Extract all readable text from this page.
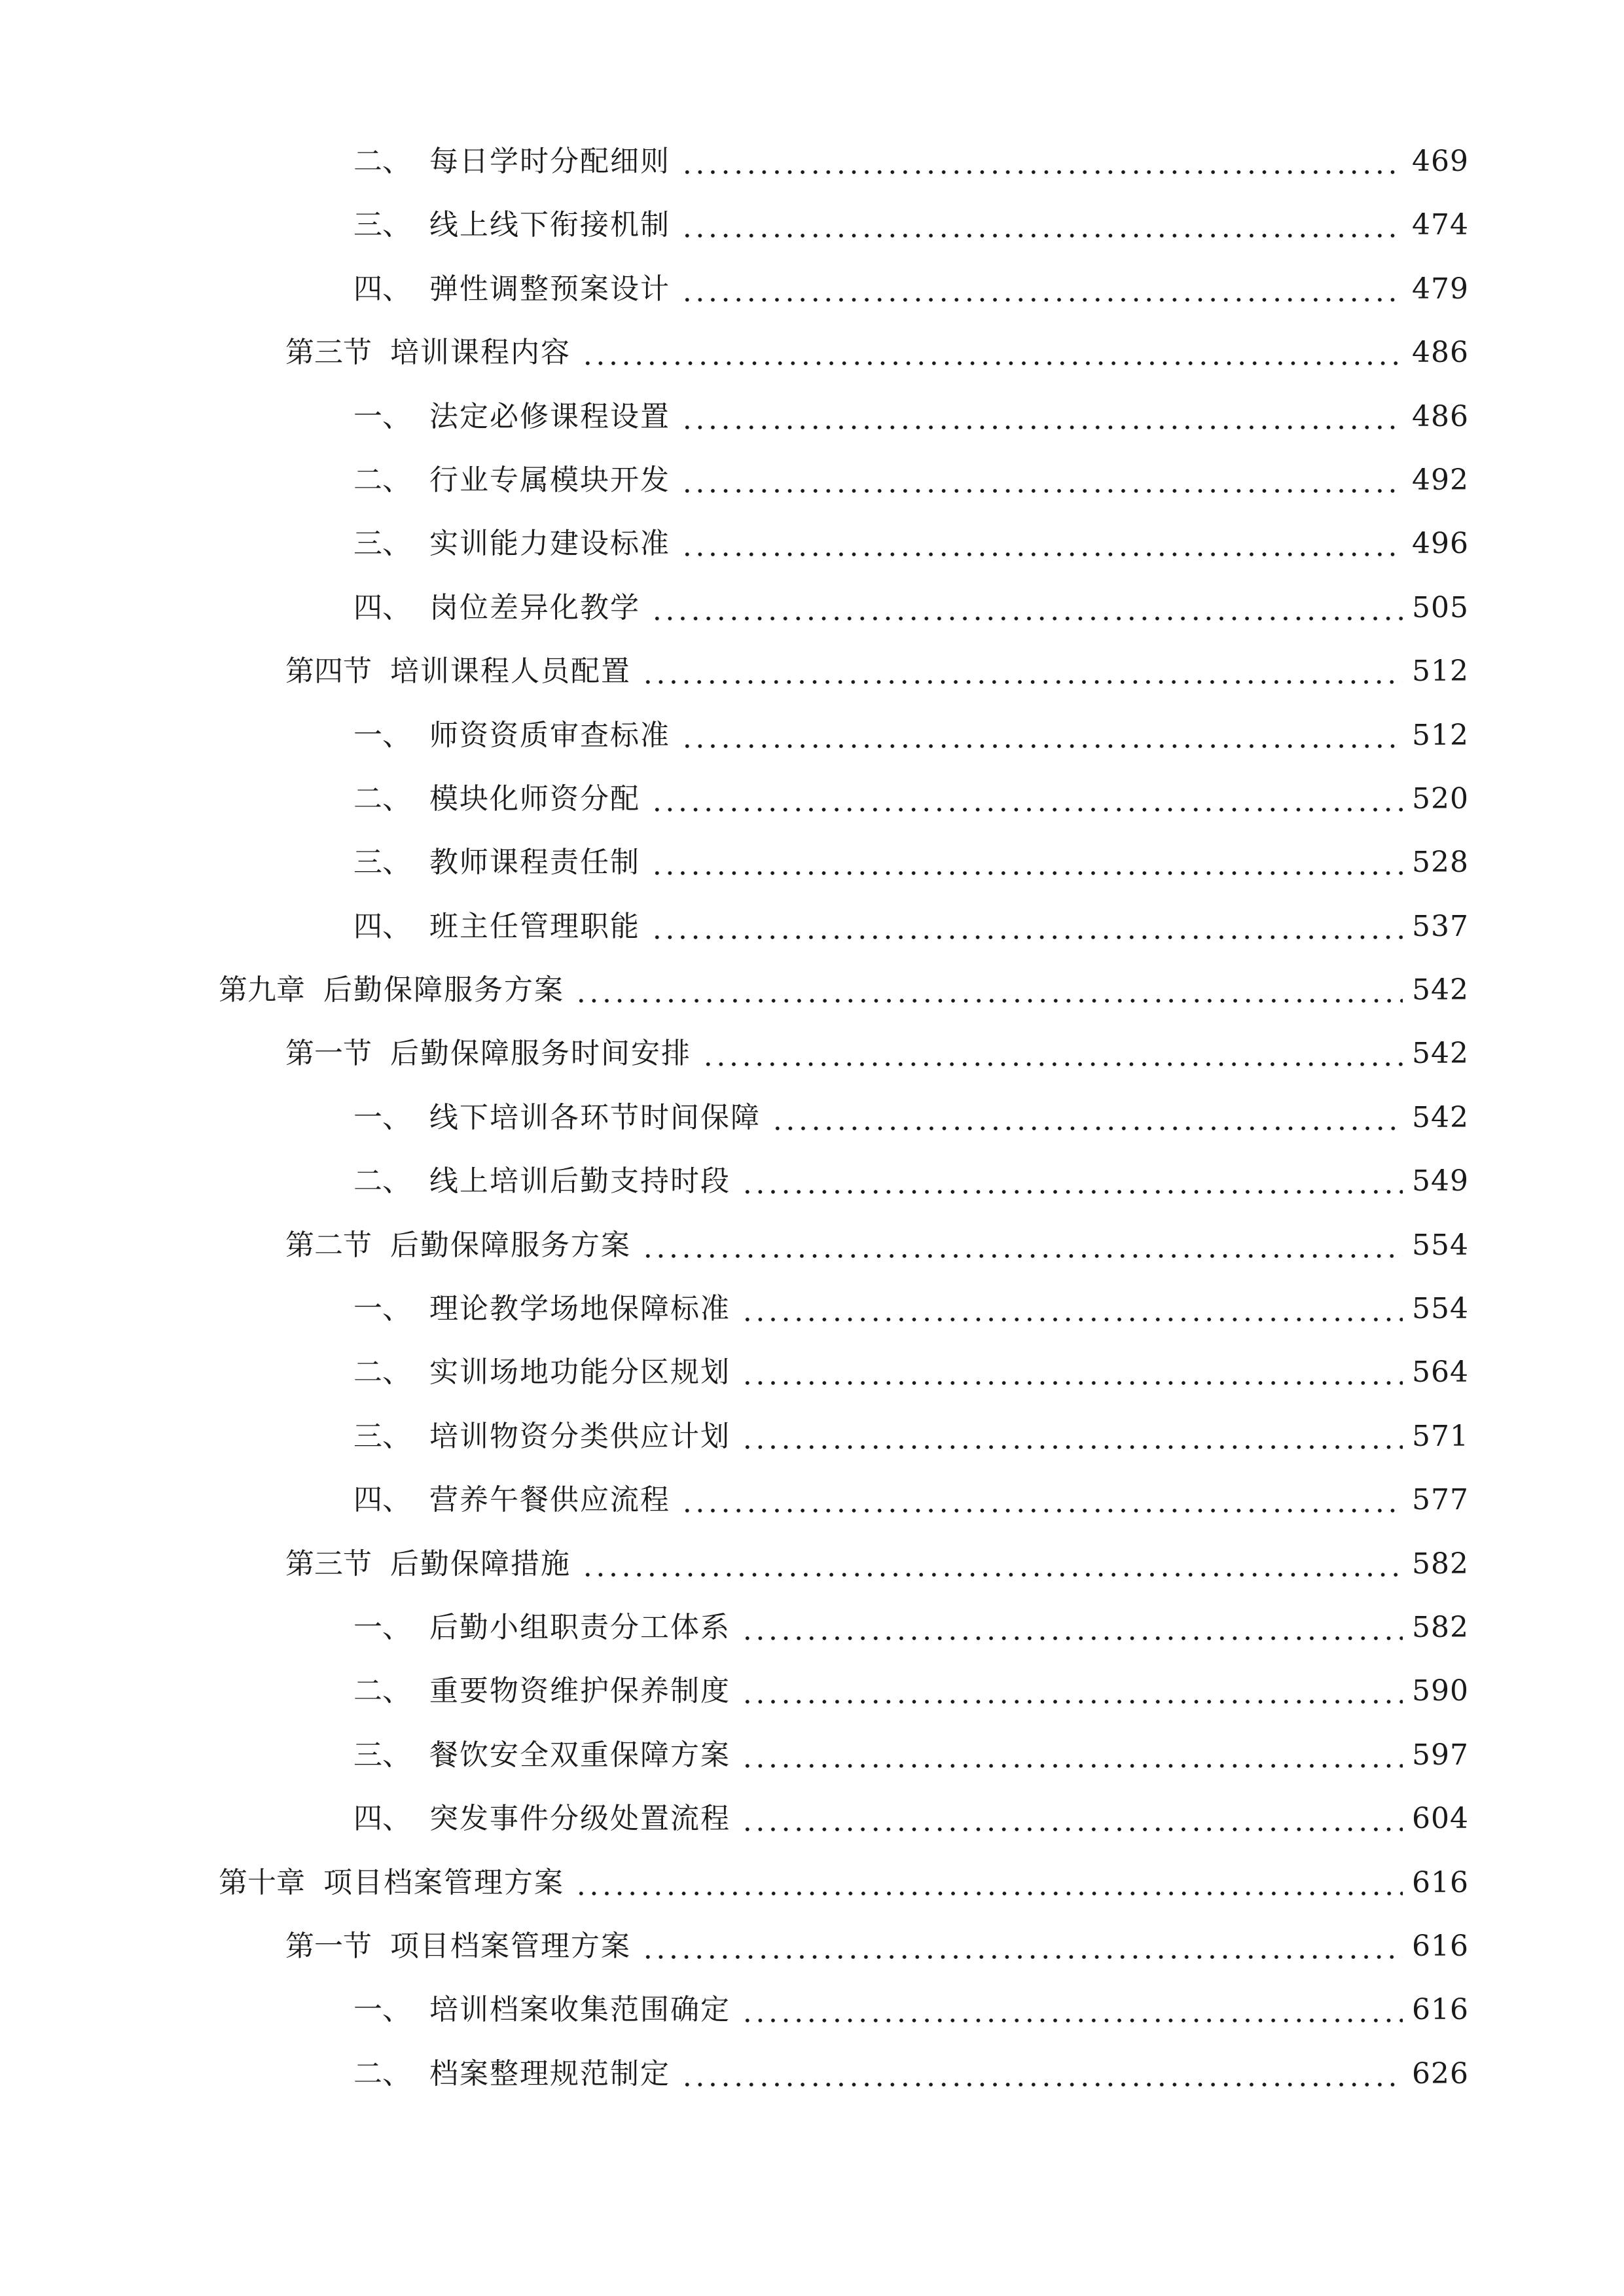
二、 每日学时分配细则	469
三、 线上线下衔接机制	474
四、 弹性调整预案设计	479
第三节 培训课程内容	486
一、 法定必修课程设置	486
二、 行业专属模块开发	492
三、 实训能力建设标准	496
四、 岗位差异化教学	505
第四节 培训课程人员配置	512
一、 师资资质审查标准	512
二、 模块化师资分配	520
三、 教师课程责任制	528
四、 班主任管理职能	537
第九章 后勤保障服务方案	542
第一节 后勤保障服务时间安排	542
一、 线下培训各环节时间保障	542
二、 线上培训后勤支持时段	549
第二节 后勤保障服务方案	554
一、 理论教学场地保障标准	554
二、 实训场地功能分区规划	564
三、 培训物资分类供应计划	571
四、 营养午餐供应流程	577
第三节 后勤保障措施	582
一、 后勤小组职责分工体系	582
二、 重要物资维护保养制度	590
三、 餐饮安全双重保障方案	597
四、 突发事件分级处置流程	604
第十章 项目档案管理方案	616
第一节 项目档案管理方案	616
一、 培训档案收集范围确定	616
二、 档案整理规范制定	626
